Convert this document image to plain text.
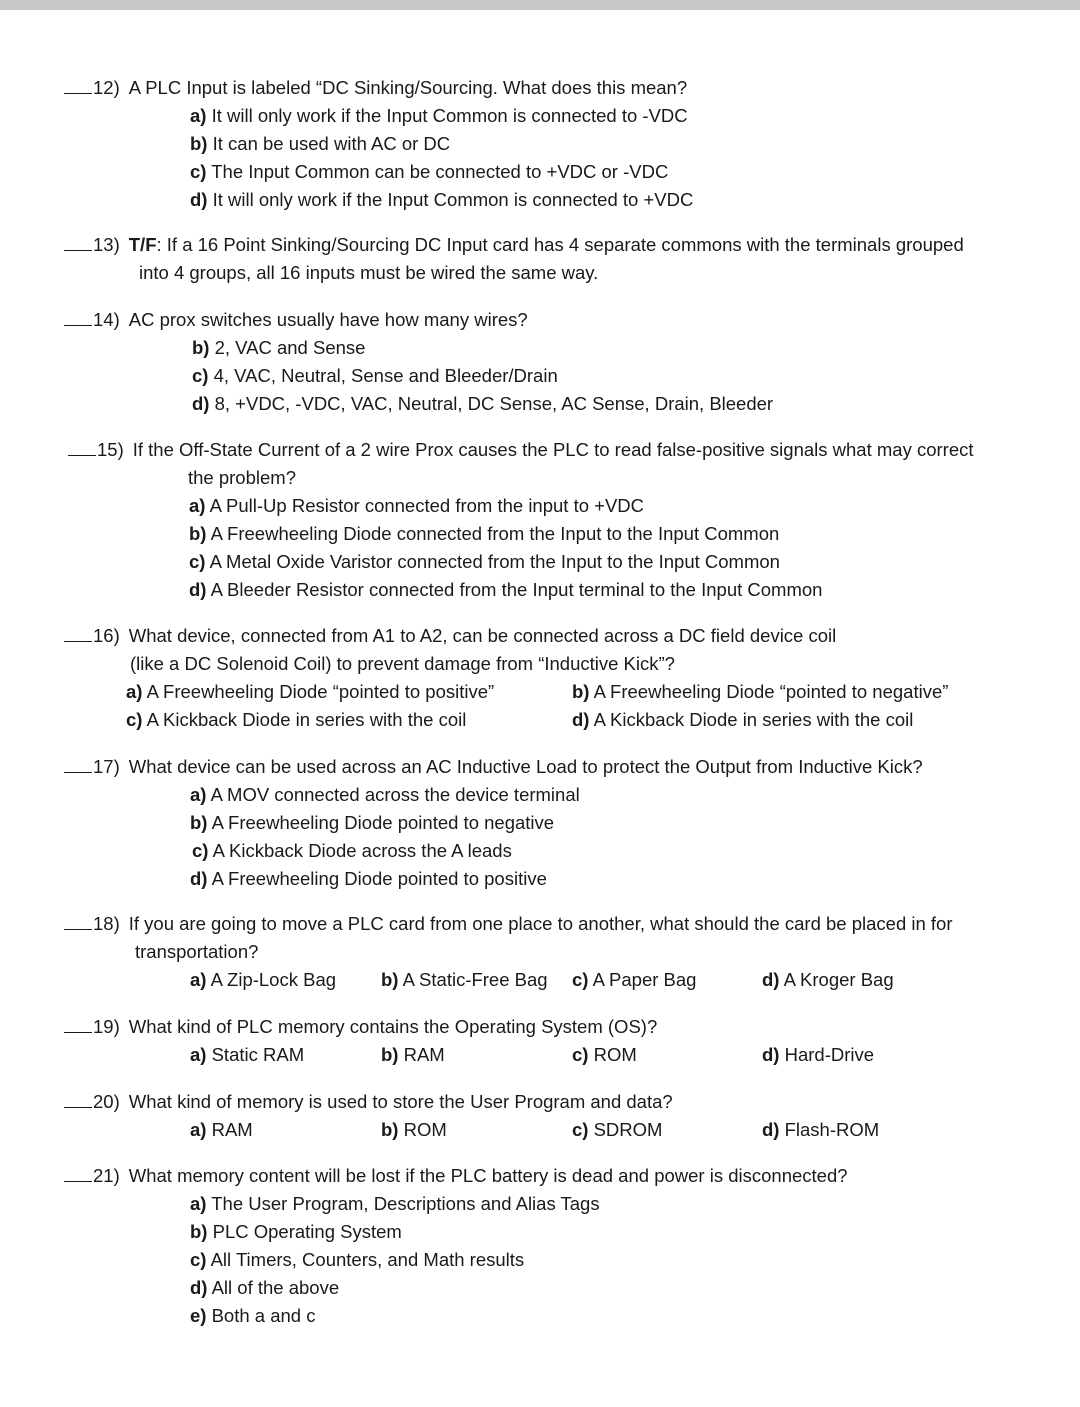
12) A PLC Input is labeled “DC Sinking/Sourcing. What does this mean?
a) It will only work if the Input Common is connected to -VDC
b) It can be used with AC or DC
c) The Input Common can be connected to +VDC or -VDC
d) It will only work if the Input Common is connected to +VDC
13) T/F: If a 16 Point Sinking/Sourcing DC Input card has 4 separate commons with the terminals grouped
into 4 groups, all 16 inputs must be wired the same way.
14) AC prox switches usually have how many wires?
b) 2, VAC and Sense
c) 4, VAC, Neutral, Sense and Bleeder/Drain
d) 8, +VDC, -VDC, VAC, Neutral, DC Sense, AC Sense, Drain, Bleeder
15) If the Off-State Current of a 2 wire Prox causes the PLC to read false-positive signals what may correct
the problem?
a) A Pull-Up Resistor connected from the input to +VDC
b) A Freewheeling Diode connected from the Input to the Input Common
c) A Metal Oxide Varistor connected from the Input to the Input Common
d) A Bleeder Resistor connected from the Input terminal to the Input Common
16) What device, connected from A1 to A2, can be connected across a DC field device coil
(like a DC Solenoid Coil) to prevent damage from “Inductive Kick”?
a) A Freewheeling Diode “pointed to positive”	b) A Freewheeling Diode “pointed to negative”
c) A Kickback Diode in series with the coil	d) A Kickback Diode in series with the coil
17) What device can be used across an AC Inductive Load to protect the Output from Inductive Kick?
a) A MOV connected across the device terminal
b) A Freewheeling Diode pointed to negative
c) A Kickback Diode across the A leads
d) A Freewheeling Diode pointed to positive
18) If you are going to move a PLC card from one place to another, what should the card be placed in for
transportation?
a) A Zip-Lock Bag b) A Static-Free Bag c) A Paper Bag	d) A Kroger Bag
19) What kind of PLC memory contains the Operating System (OS)?
a) Static RAM	b) RAM	c) ROM	d) Hard-Drive
20) What kind of memory is used to store the User Program and data?
a) RAM	b) ROM	c) SDROM	d) Flash-ROM
21) What memory content will be lost if the PLC battery is dead and power is disconnected?
a) The User Program, Descriptions and Alias Tags
b) PLC Operating System
c) All Timers, Counters, and Math results
d) All of the above
e) Both a and c
